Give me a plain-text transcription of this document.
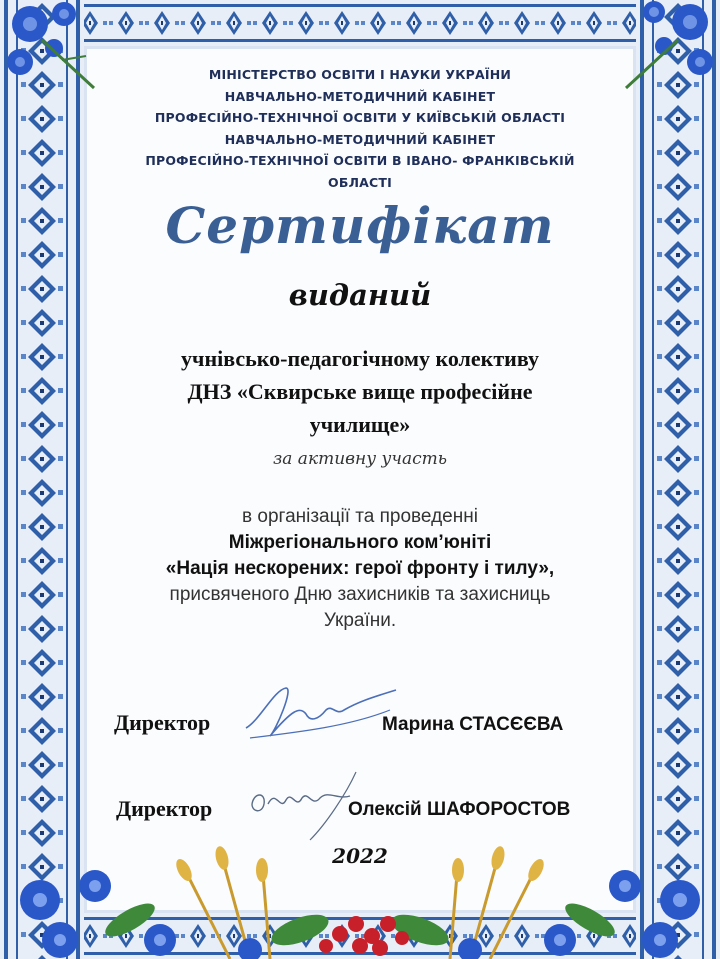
МІНІСТЕРСТВО ОСВІТИ І НАУКИ УКРАЇНИ
НАВЧАЛЬНО-МЕТОДИЧНИЙ КАБІНЕТ
ПРОФЕСІЙНО-ТЕХНІЧНОЇ ОСВІТИ У КИЇВСЬКІЙ ОБЛАСТІ
НАВЧАЛЬНО-МЕТОДИЧНИЙ КАБІНЕТ
ПРОФЕСІЙНО-ТЕХНІЧНОЇ ОСВІТИ В ІВАНО- ФРАНКІВСЬКІЙ
ОБЛАСТІ
Сертифікат
виданий
учнівсько-педагогічному колективу
ДНЗ «Сквирське вище професійне
училище»
за активну участь
в організації та проведенні
Міжрегіонального ком’юніті
«Нація нескорених: герої фронту і тилу»,
присвяченого Дню захисників та захисниць
України.
Директор	Марина СТАСЄЄВА
Директор	Олексій ШАФОРОСТОВ
2022
